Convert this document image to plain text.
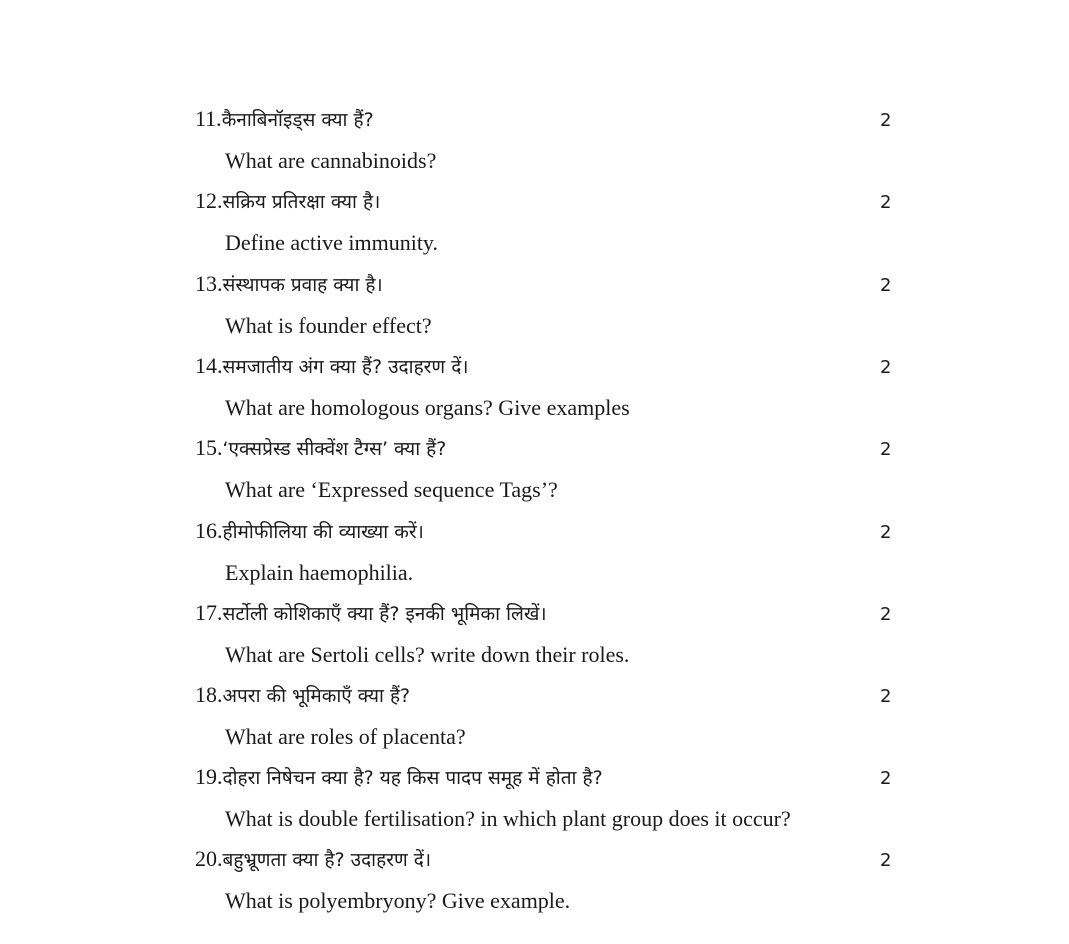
11.कैनाबिनॉइड्स क्या हैं?	2
What are cannabinoids?
12.सक्रिय प्रतिरक्षा क्या है।	2
Define active immunity.
13.संस्थापक प्रवाह क्या है।	2
What is founder effect?
14.समजातीय अंग क्या हैं? उदाहरण दें।	2
What are homologous organs? Give examples
15.‘एक्सप्रेस्ड सीक्वेंश टैग्स’ क्या हैं?	2
What are ‘Expressed sequence Tags’?
16.हीमोफीलिया की व्याख्या करें।	2
Explain haemophilia.
17.सर्टोली कोशिकाएँ क्या हैं? इनकी भूमिका लिखें।	2
What are Sertoli cells? write down their roles.
18.अपरा की भूमिकाएँ क्या हैं?	2
What are roles of placenta?
19.दोहरा निषेचन क्या है? यह किस पादप समूह में होता है?	2
What is double fertilisation? in which plant group does it occur?
20.बहुभ्रूणता क्या है? उदाहरण दें।	2
What is polyembryony? Give example.
